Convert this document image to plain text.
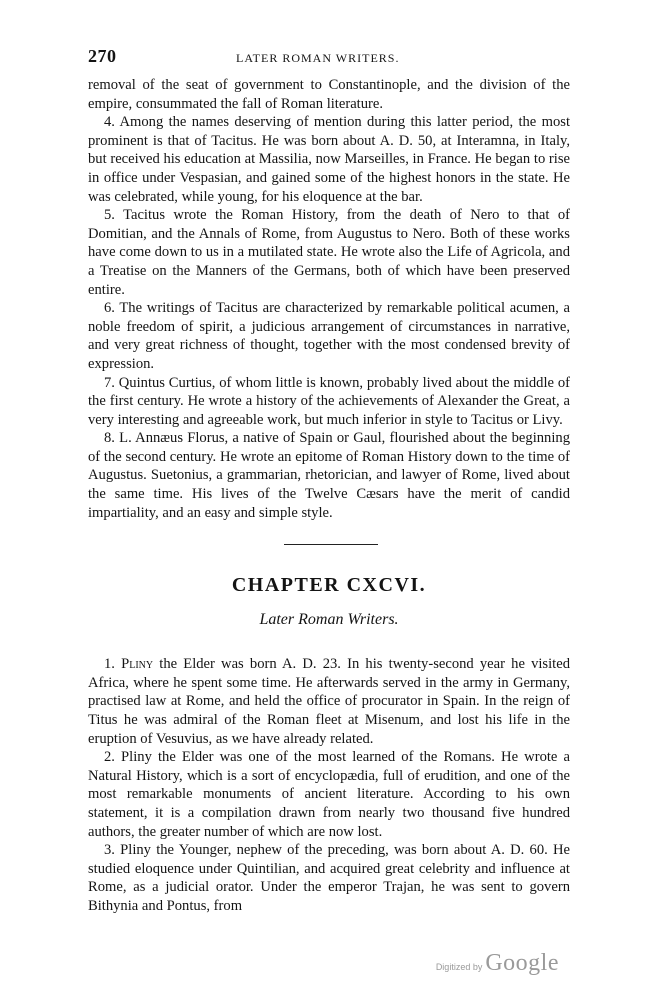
270	LATER ROMAN WRITERS.

removal of the seat of government to Constantinople, and the division of the empire, consummated the fall of Roman literature.

4. Among the names deserving of mention during this latter period, the most prominent is that of Tacitus. He was born about A. D. 50, at Interamna, in Italy, but received his education at Massilia, now Marseilles, in France. He began to rise in office under Vespasian, and gained some of the highest honors in the state. He was celebrated, while young, for his eloquence at the bar.

5. Tacitus wrote the Roman History, from the death of Nero to that of Domitian, and the Annals of Rome, from Augustus to Nero. Both of these works have come down to us in a mutilated state. He wrote also the Life of Agricola, and a Treatise on the Manners of the Germans, both of which have been preserved entire.

6. The writings of Tacitus are characterized by remarkable political acumen, a noble freedom of spirit, a judicious arrangement of circumstances in narrative, and very great richness of thought, together with the most condensed brevity of expression.

7. Quintus Curtius, of whom little is known, probably lived about the middle of the first century. He wrote a history of the achievements of Alexander the Great, a very interesting and agreeable work, but much inferior in style to Tacitus or Livy.

8. L. Annæus Florus, a native of Spain or Gaul, flourished about the beginning of the second century. He wrote an epitome of Roman History down to the time of Augustus. Suetonius, a grammarian, rhetorician, and lawyer of Rome, lived about the same time. His lives of the Twelve Cæsars have the merit of candid impartiality, and an easy and simple style.

CHAPTER CXCVI.
Later Roman Writers.

1. Pliny the Elder was born A. D. 23. In his twenty-second year he visited Africa, where he spent some time. He afterwards served in the army in Germany, practised law at Rome, and held the office of procurator in Spain. In the reign of Titus he was admiral of the Roman fleet at Misenum, and lost his life in the eruption of Vesuvius, as we have already related.

2. Pliny the Elder was one of the most learned of the Romans. He wrote a Natural History, which is a sort of encyclopædia, full of erudition, and one of the most remarkable monuments of ancient literature. According to his own statement, it is a compilation drawn from nearly two thousand five hundred authors, the greater number of which are now lost.

3. Pliny the Younger, nephew of the preceding, was born about A. D. 60. He studied eloquence under Quintilian, and acquired great celebrity and influence at Rome, as a judicial orator. Under the emperor Trajan, he was sent to govern Bithynia and Pontus, from

Digitized by Google
